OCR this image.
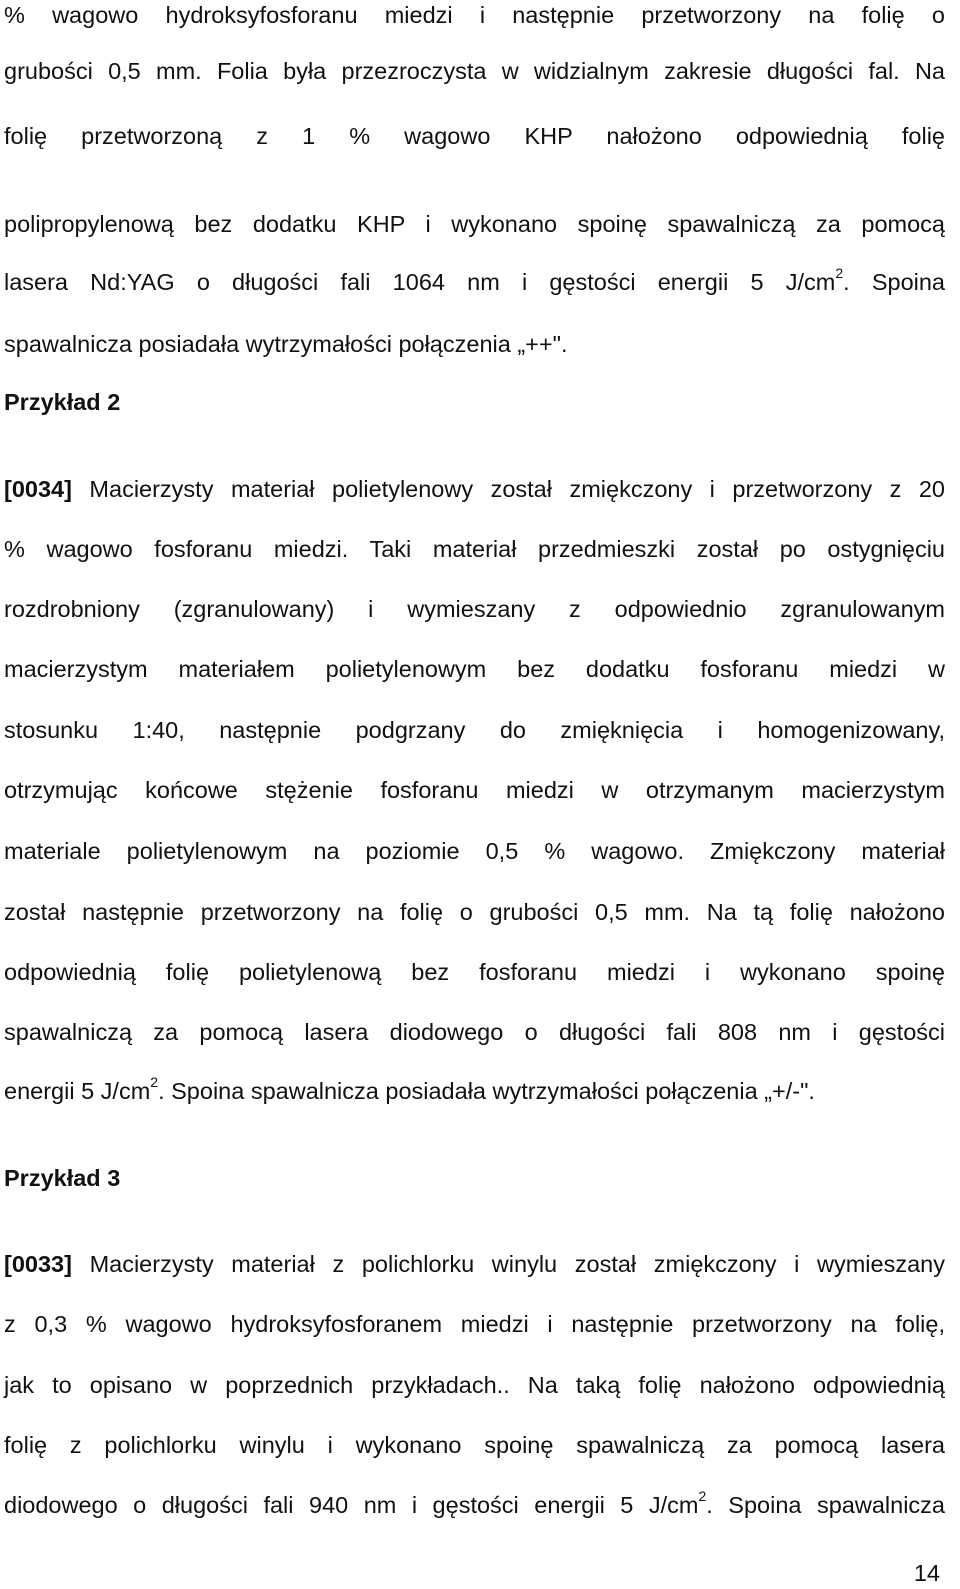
% wagowo hydroksyfosforanu miedzi i następnie przetworzony na folię o
grubości 0,5 mm. Folia była przezroczysta w widzialnym zakresie długości fal. Na
folię przetworzoną z 1 % wagowo KHP nałożono odpowiednią folię
polipropylenową bez dodatku KHP i wykonano spoinę spawalniczą za pomocą
lasera Nd:YAG o długości fali 1064 nm i gęstości energii 5 $J/cm^2$. Spoina
spawalnicza posiadała wytrzymałości połączenia „++".
Przykład 2
[0034] Macierzysty materiał polietylenowy został zmiękczony i przetworzony z 20
% wagowo fosforanu miedzi. Taki materiał przedmieszki został po ostygnięciu
rozdrobniony (zgranulowany) i wymieszany z odpowiednio zgranulowanym
macierzystym materiałem polietylenowym bez dodatku fosforanu miedzi w
stosunku 1:40, następnie podgrzany do zmięknięcia i homogenizowany,
otrzymując końcowe stężenie fosforanu miedzi w otrzymanym macierzystym
materiale polietylenowym na poziomie 0,5 % wagowo. Zmiękczony materiał
został następnie przetworzony na folię o grubości 0,5 mm. Na tą folię nałożono
odpowiednią folię polietylenową bez fosforanu miedzi i wykonano spoinę
spawalniczą za pomocą lasera diodowego o długości fali 808 nm i gęstości
energii 5 $J/cm^2$. Spoina spawalnicza posiadała wytrzymałości połączenia „+/-".
Przykład 3
[0033] Macierzysty materiał z polichlorku winylu został zmiękczony i wymieszany
z 0,3 % wagowo hydroksyfosforanem miedzi i następnie przetworzony na folię,
jak to opisano w poprzednich przykładach.. Na taką folię nałożono odpowiednią
folię z polichlorku winylu i wykonano spoinę spawalniczą za pomocą lasera
diodowego o długości fali 940 nm i gęstości energii 5 $J/cm^2$. Spoina spawalnicza
14
